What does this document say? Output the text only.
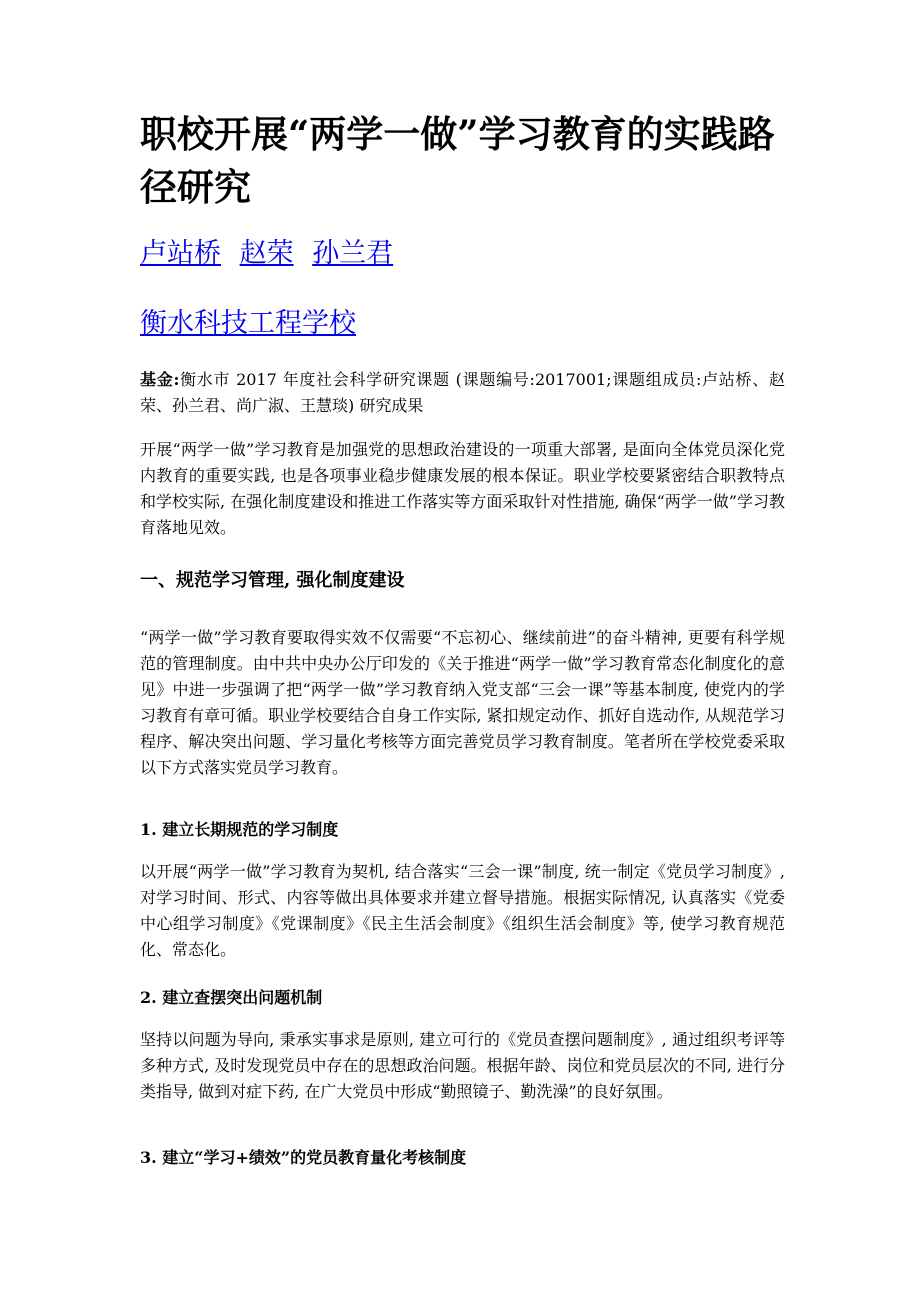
职校开展“两学一做”学习教育的实践路径研究
卢站桥 赵荣 孙兰君
衡水科技工程学校

基金:衡水市 2017 年度社会科学研究课题 (课题编号:2017001;课题组成员:卢站桥、赵荣、孙兰君、尚广淑、王慧琰) 研究成果

开展“两学一做”学习教育是加强党的思想政治建设的一项重大部署, 是面向全体党员深化党内教育的重要实践, 也是各项事业稳步健康发展的根本保证。职业学校要紧密结合职教特点和学校实际, 在强化制度建设和推进工作落实等方面采取针对性措施, 确保“两学一做”学习教育落地见效。

一、规范学习管理, 强化制度建设

“两学一做”学习教育要取得实效不仅需要“不忘初心、继续前进”的奋斗精神, 更要有科学规范的管理制度。由中共中央办公厅印发的《关于推进“两学一做”学习教育常态化制度化的意见》中进一步强调了把“两学一做”学习教育纳入党支部“三会一课”等基本制度, 使党内的学习教育有章可循。职业学校要结合自身工作实际, 紧扣规定动作、抓好自选动作, 从规范学习程序、解决突出问题、学习量化考核等方面完善党员学习教育制度。笔者所在学校党委采取以下方式落实党员学习教育。

1. 建立长期规范的学习制度

以开展“两学一做”学习教育为契机, 结合落实“三会一课”制度, 统一制定《党员学习制度》, 对学习时间、形式、内容等做出具体要求并建立督导措施。根据实际情况, 认真落实《党委中心组学习制度》《党课制度》《民主生活会制度》《组织生活会制度》等, 使学习教育规范化、常态化。

2. 建立查摆突出问题机制

坚持以问题为导向, 秉承实事求是原则, 建立可行的《党员查摆问题制度》, 通过组织考评等多种方式, 及时发现党员中存在的思想政治问题。根据年龄、岗位和党员层次的不同, 进行分类指导, 做到对症下药, 在广大党员中形成“勤照镜子、勤洗澡”的良好氛围。

3. 建立“学习+绩效”的党员教育量化考核制度
